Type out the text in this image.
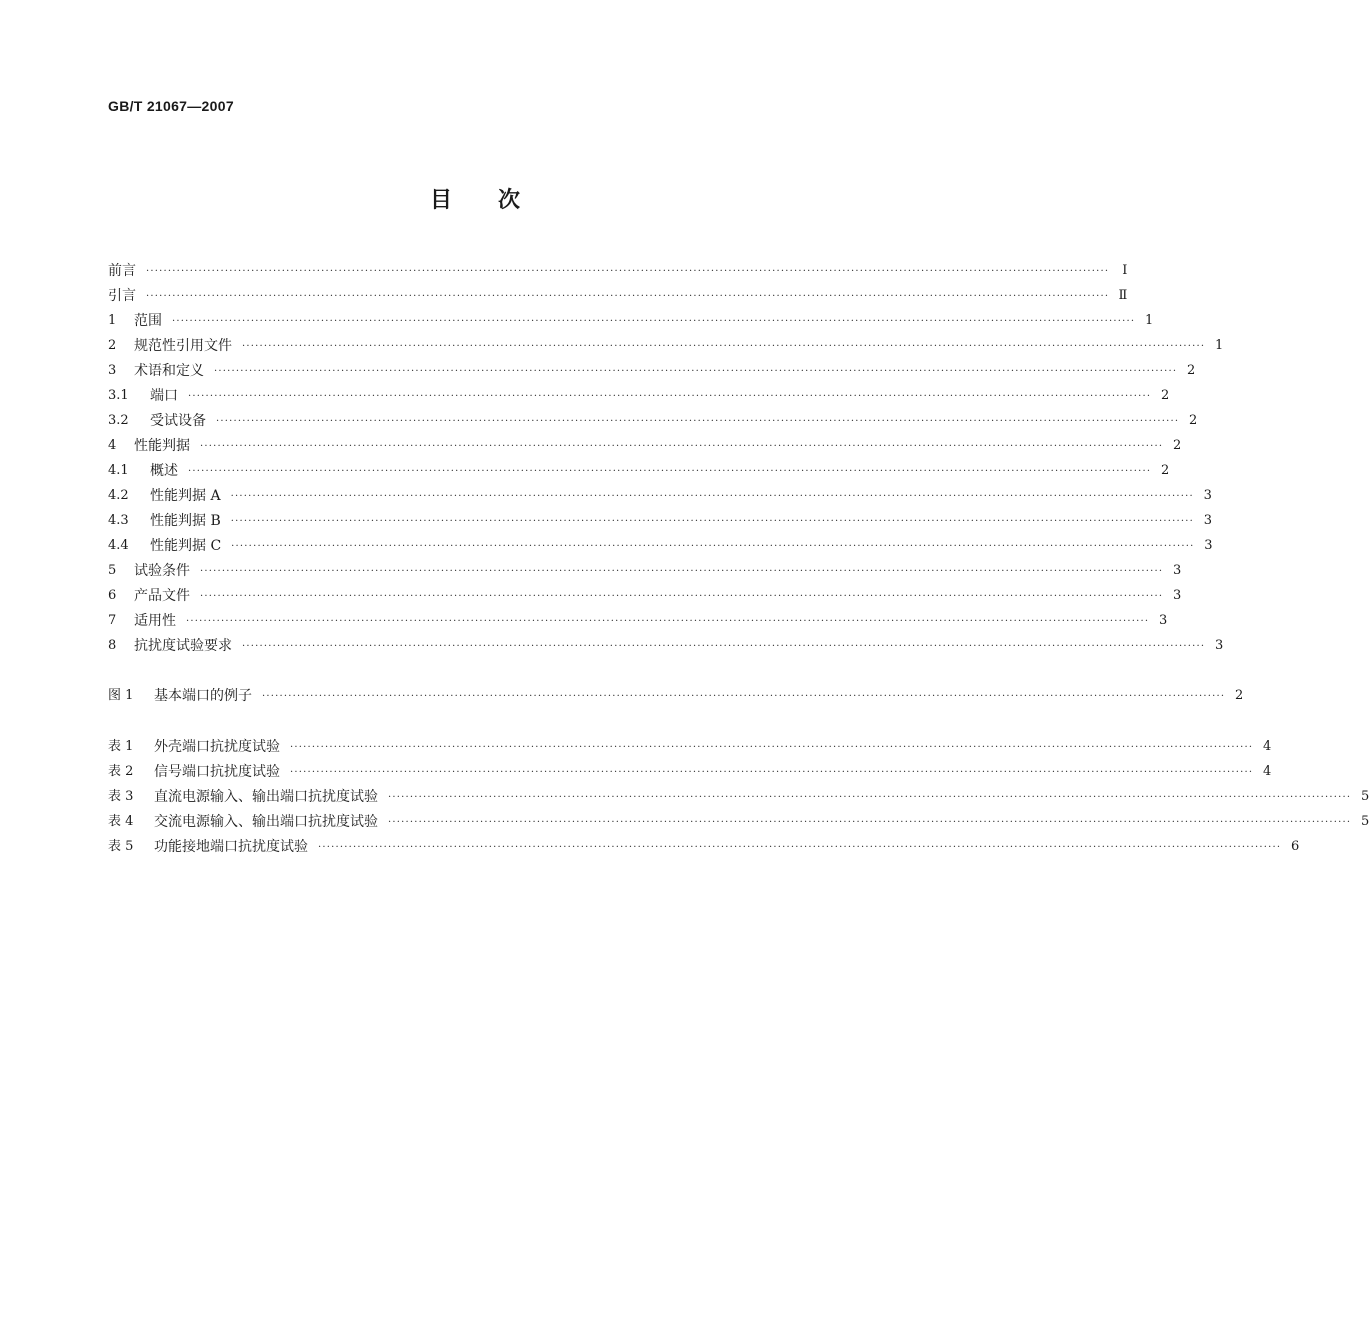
GB/T 21067—2007
目 次
前言 ···························································································································································································································· Ⅰ
引言 ···························································································································································································································· Ⅱ
1	范围 ···························································································································································································································· 1
2	规范性引用文件 ···························································································································································································································· 1
3	术语和定义 ···························································································································································································································· 2
3.1	端口 ···························································································································································································································· 2
3.2	受试设备 ···························································································································································································································· 2
4	性能判据 ···························································································································································································································· 2
4.1	概述 ···························································································································································································································· 2
4.2	性能判据 A ···························································································································································································································· 3
4.3	性能判据 B ···························································································································································································································· 3
4.4	性能判据 C ···························································································································································································································· 3
5	试验条件 ···························································································································································································································· 3
6	产品文件 ···························································································································································································································· 3
7	适用性 ···························································································································································································································· 3
8	抗扰度试验要求 ···························································································································································································································· 3
图 1	基本端口的例子 ···························································································································································································································· 2
表 1	外壳端口抗扰度试验 ···························································································································································································································· 4
表 2	信号端口抗扰度试验 ···························································································································································································································· 4
表 3	直流电源输入、输出端口抗扰度试验 ···························································································································································································································· 5
表 4	交流电源输入、输出端口抗扰度试验 ···························································································································································································································· 5
表 5	功能接地端口抗扰度试验 ···························································································································································································································· 6
